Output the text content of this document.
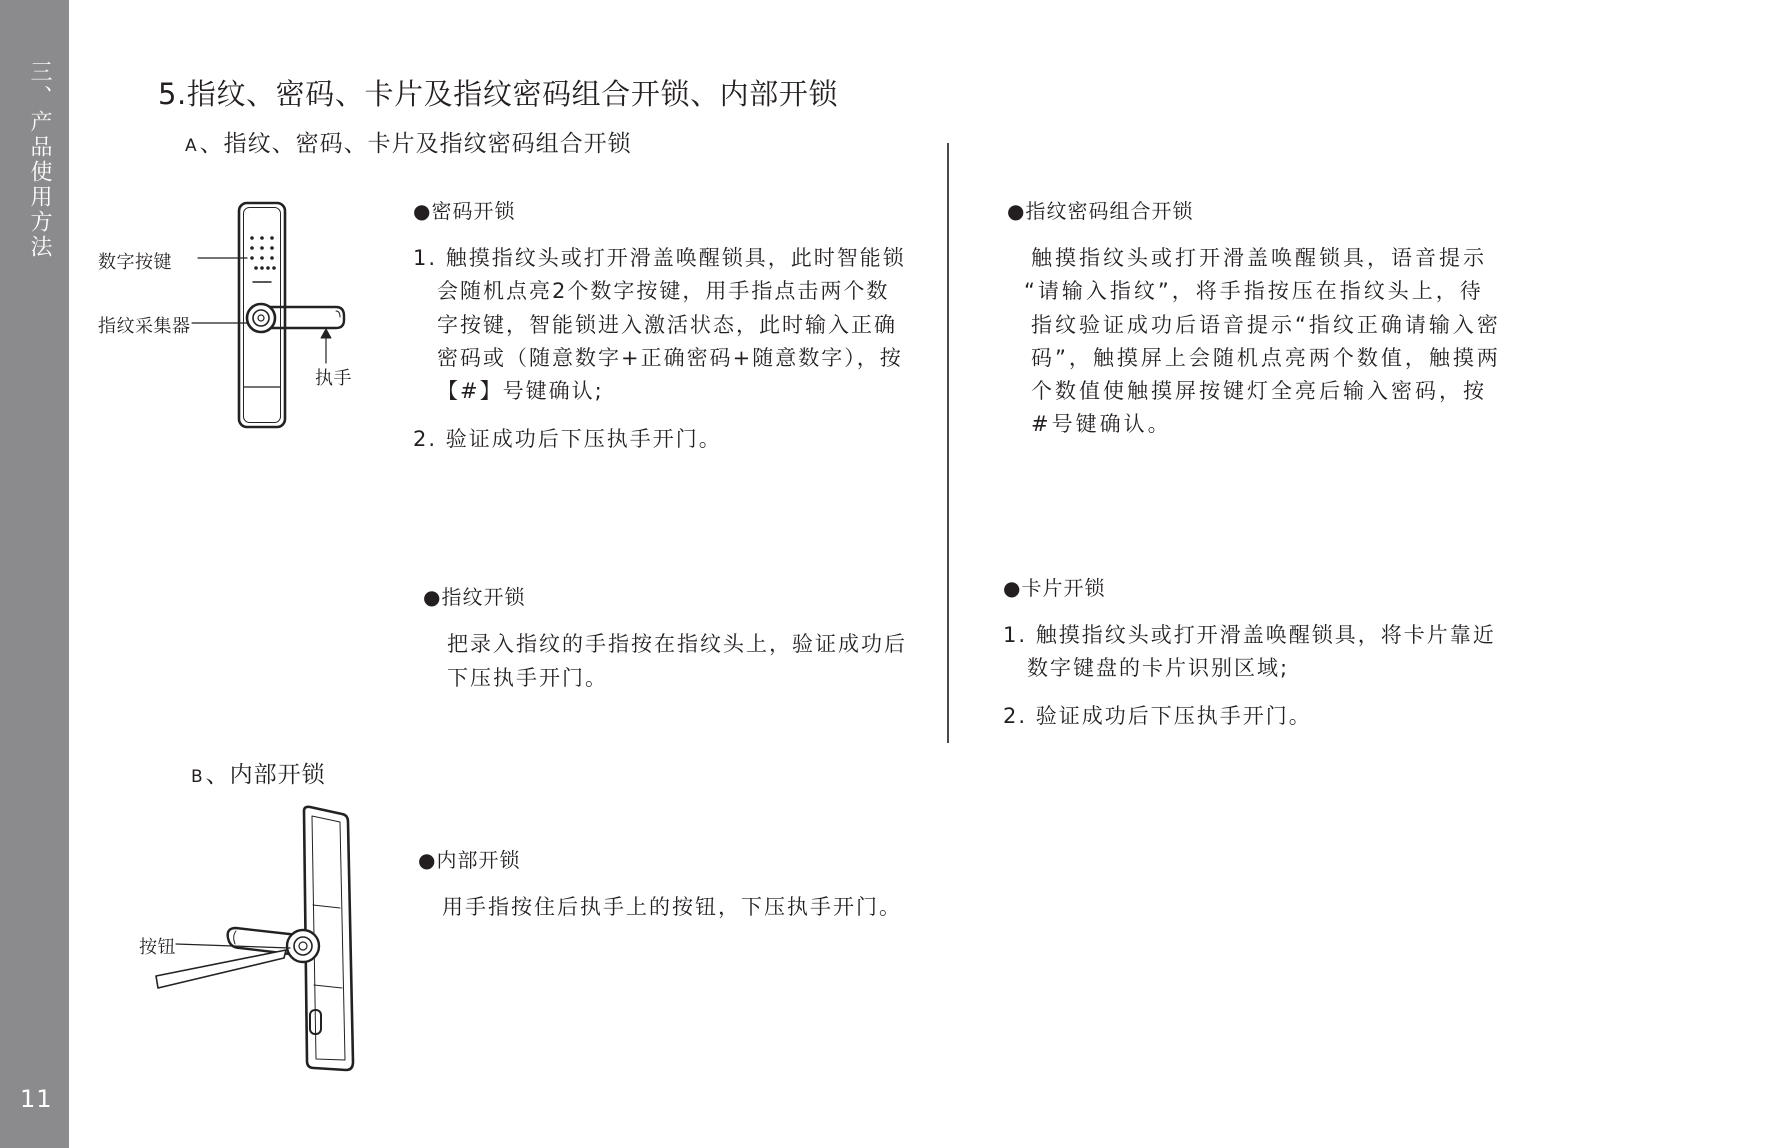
三、产品使用方法
11
5.指纹、密码、卡片及指纹密码组合开锁、内部开锁
A、指纹、密码、卡片及指纹密码组合开锁
数字按键
指纹采集器
执手
按钮
●密码开锁
1. 触摸指纹头或打开滑盖唤醒锁具，此时智能锁
会随机点亮2个数字按键，用手指点击两个数
字按键，智能锁进入激活状态，此时输入正确
密码或（随意数字+正确密码+随意数字），按
【#】号键确认;
2. 验证成功后下压执手开门。
●指纹开锁
把录入指纹的手指按在指纹头上，验证成功后
下压执手开门。
●指纹密码组合开锁
触摸指纹头或打开滑盖唤醒锁具，语音提示
“请输入指纹”，将手指按压在指纹头上，待
指纹验证成功后语音提示“指纹正确请输入密
码”，触摸屏上会随机点亮两个数值，触摸两
个数值使触摸屏按键灯全亮后输入密码，按
#号键确认。
●卡片开锁
1. 触摸指纹头或打开滑盖唤醒锁具，将卡片靠近
数字键盘的卡片识别区域;
2. 验证成功后下压执手开门。
B、内部开锁
●内部开锁
用手指按住后执手上的按钮，下压执手开门。
